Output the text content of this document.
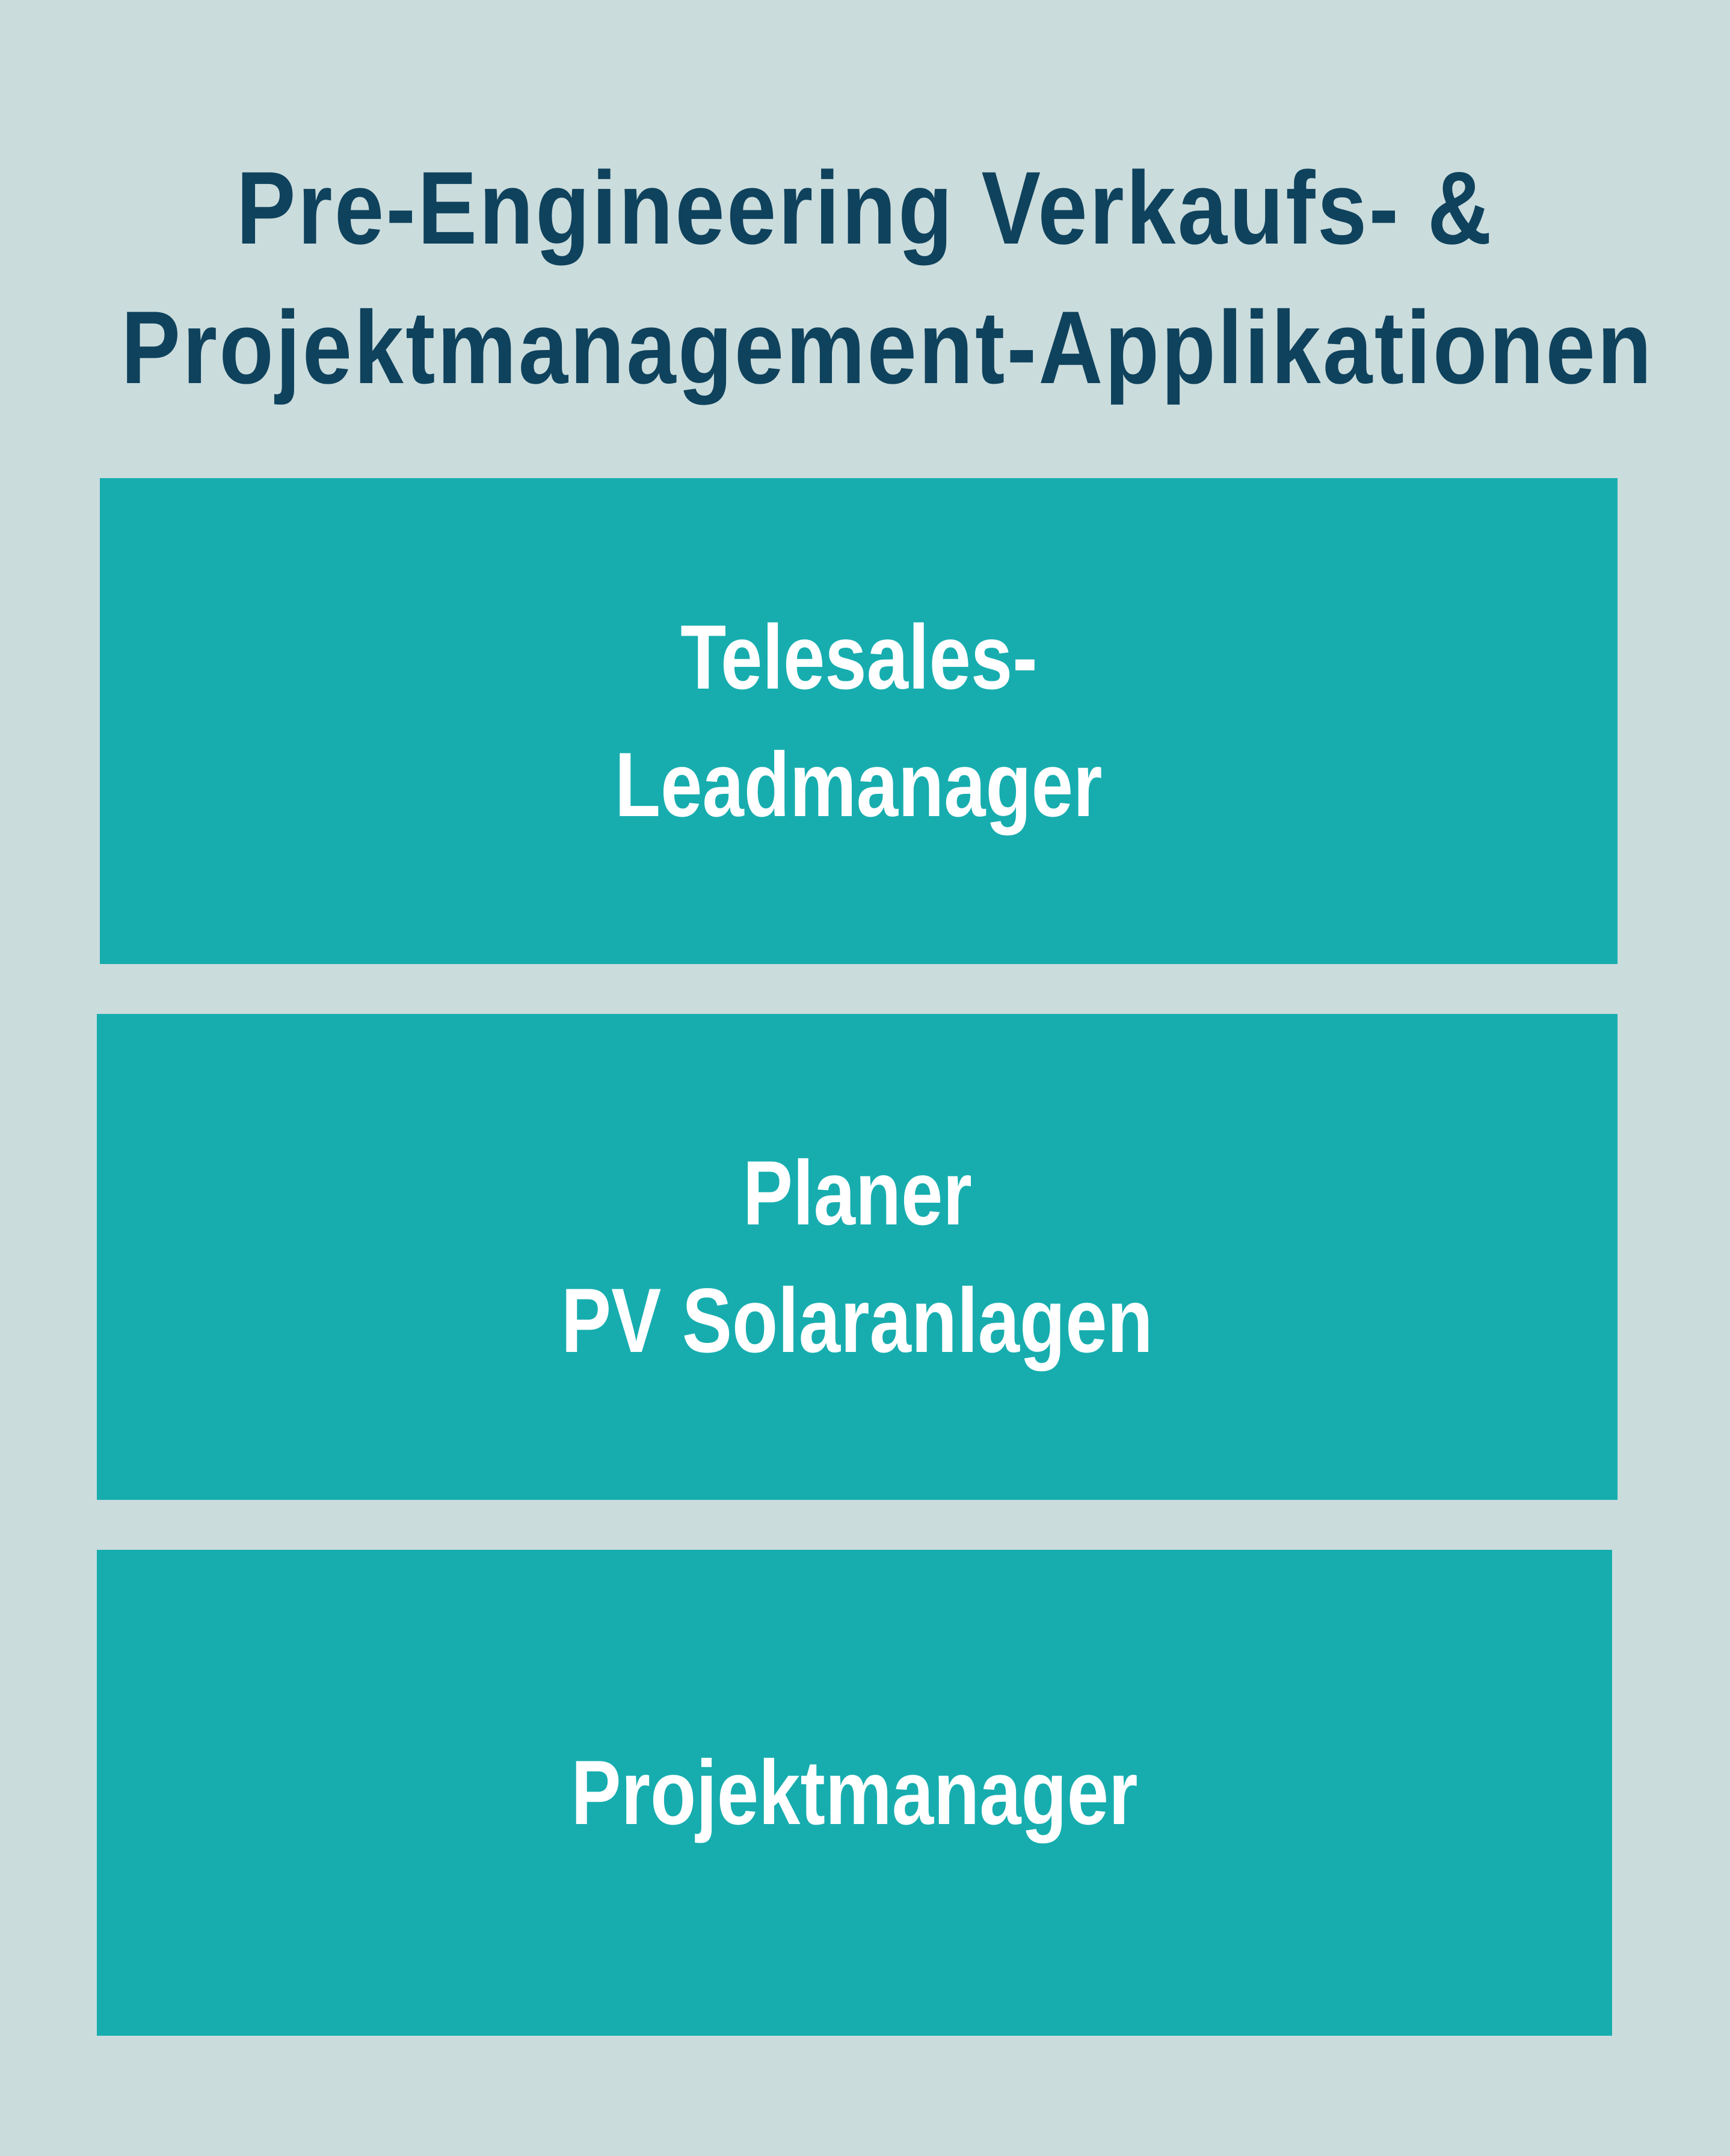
Pre-Engineering Verkaufs- &
Projektmanagement-Applikationen
Telesales-
Leadmanager
Planer
PV Solaranlagen
Projektmanager
